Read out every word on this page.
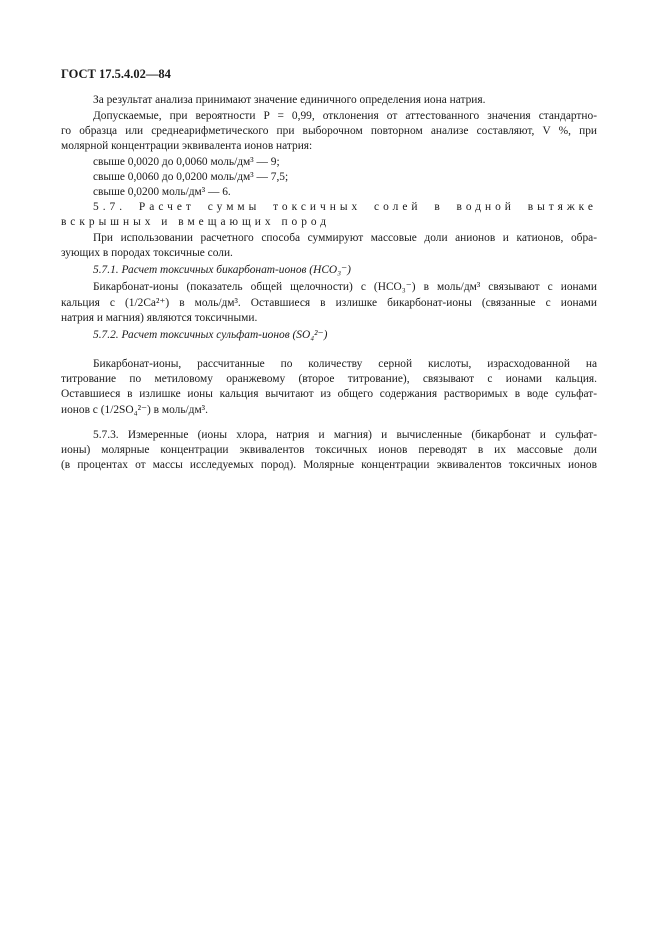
ГОСТ 17.5.4.02—84
За результат анализа принимают значение единичного определения иона натрия.
Допускаемые, при вероятности P = 0,99, отклонения от аттестованного значения стандартно-
го образца или среднеарифметического при выборочном повторном анализе составляют, V %, при
молярной концентрации эквивалента ионов натрия:
свыше 0,0020 до 0,0060 моль/дм³ — 9;
свыше 0,0060 до 0,0200 моль/дм³ — 7,5;
свыше 0,0200 моль/дм³ — 6.
5.7. Расчет суммы токсичных солей в водной вытяжке
вскрышных и вмещающих пород
При использовании расчетного способа суммируют массовые доли анионов и катионов, обра-
зующих в породах токсичные соли.
5.7.1. Расчет токсичных бикарбонат-ионов (HCO₃⁻)
Бикарбонат-ионы (показатель общей щелочности) c (HCO₃⁻) в моль/дм³ связывают с ионами
кальция c (1/2Ca²⁺) в моль/дм³. Оставшиеся в излишке бикарбонат-ионы (связанные с ионами
натрия и магния) являются токсичными.
5.7.2. Расчет токсичных сульфат-ионов (SO₄²⁻)
Бикарбонат-ионы, рассчитанные по количеству серной кислоты, израсходованной на
титрование по метиловому оранжевому (второе титрование), связывают с ионами кальция.
Оставшиеся в излишке ионы кальция вычитают из общего содержания растворимых в воде сульфат-
ионов c (1/2SO₄²⁻) в моль/дм³.
5.7.3. Измеренные (ионы хлора, натрия и магния) и вычисленные (бикарбонат и сульфат-
ионы) молярные концентрации эквивалентов токсичных ионов переводят в их массовые доли
(в процентах от массы исследуемых пород). Молярные концентрации эквивалентов токсичных ионов
